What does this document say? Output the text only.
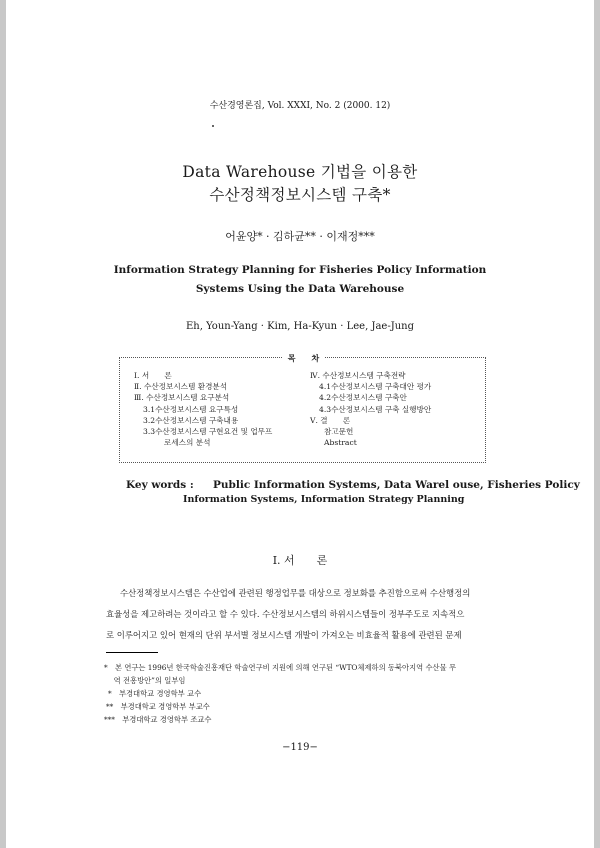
수산경영론집, Vol. XXXI, No. 2 (2000. 12)
Data Warehouse 기법을 이용한
수산정책정보시스템 구축*
어윤양* · 김하균** · 이재정***
Information Strategy Planning for Fisheries Policy Information
Systems Using the Data Warehouse
Eh, Youn-Yang · Kim, Ha-Kyun · Lee, Jae-Jung
목　　차
Ⅰ. 서　　론
Ⅱ. 수산정보시스템 환경분석
Ⅲ. 수산정보시스템 요구분석
3.1수산정보시스템 요구특성
3.2수산정보시스템 구축내용
3.3수산정보시스템 구현요건 및 업무프
로세스의 분석
Ⅳ. 수산정보시스템 구축전략
4.1수산정보시스템 구축대안 평가
4.2수산정보시스템 구축안
4.3수산정보시스템 구축 실행방안
Ⅴ. 결　　론
참고문헌
Abstract
Key words : Public Information Systems, Data Warel ouse, Fisheries Policy
Information Systems, Information Strategy Planning
Ⅰ. 서　　론
수산정책정보시스템은 수산업에 관련된 행정업무를 대상으로 정보화를 추진함으로써 수산행정의
효율성을 제고하려는 것이라고 할 수 있다. 수산정보시스템의 하위시스템들이 정부주도로 지속적으
로 이루어지고 있어 현재의 단위 부서별 정보시스템 개발이 가져오는 비효율적 활용에 관련된 문제
*　본 연구는 1996년 한국학술진흥재단 학술연구비 지원에 의해 연구된 “WTO체제하의 동북아지역 수산물 무
　 역 전흥방안”의 일부임
*　부경대학교 경영학부 교수
**　부경대학교 경영학부 부교수
***　부경대학교 경영학부 조교수
−119−
